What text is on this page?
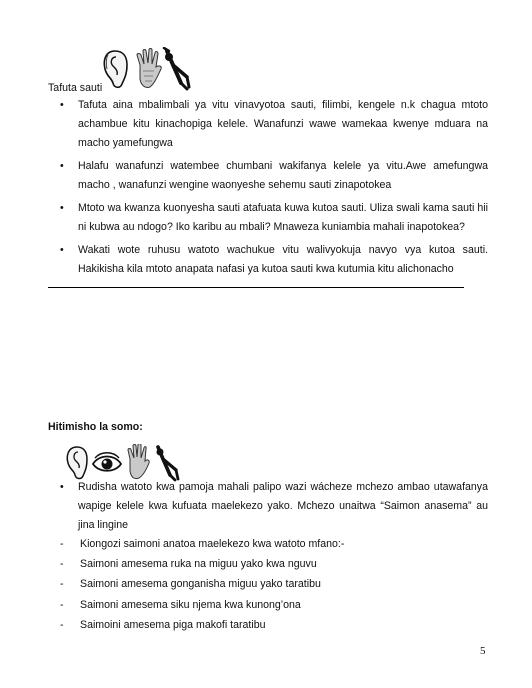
Tafuta sauti
•	Tafuta aina mbalimbali ya vitu vinavyotoa sauti, filimbi, kengele n.k chagua mtoto achambue kitu kinachopiga kelele. Wanafunzi wawe wamekaa kwenye mduara na macho yamefungwa
•	Halafu wanafunzi watembee chumbani wakifanya kelele ya vitu.Awe amefungwa macho , wanafunzi wengine waonyeshe sehemu sauti zinapotokea
•	Mtoto wa kwanza kuonyesha sauti atafuata kuwa kutoa sauti. Uliza swali kama sauti hii ni kubwa au ndogo? Iko karibu au mbali? Mnaweza kuniambia mahali inapotokea?
•	Wakati wote ruhusu watoto wachukue vitu walivyokuja navyo vya kutoa sauti. Hakikisha kila mtoto anapata nafasi ya kutoa sauti kwa kutumia kitu alichonacho
Hitimisho la somo:
•	Rudisha watoto kwa pamoja mahali palipo wazi wácheze mchezo ambao utawafanya wapige kelele kwa kufuata maelekezo yako. Mchezo unaitwa “Saimon anasema” au jina lingine
- Kiongozi saimoni anatoa maelekezo kwa watoto mfano:-
- Saimoni amesema ruka na miguu yako kwa nguvu
- Saimoni amesema gonganisha miguu yako taratibu
- Saimoni amesema siku njema kwa kunong’ona
- Saimoini amesema piga makofi taratibu
5
